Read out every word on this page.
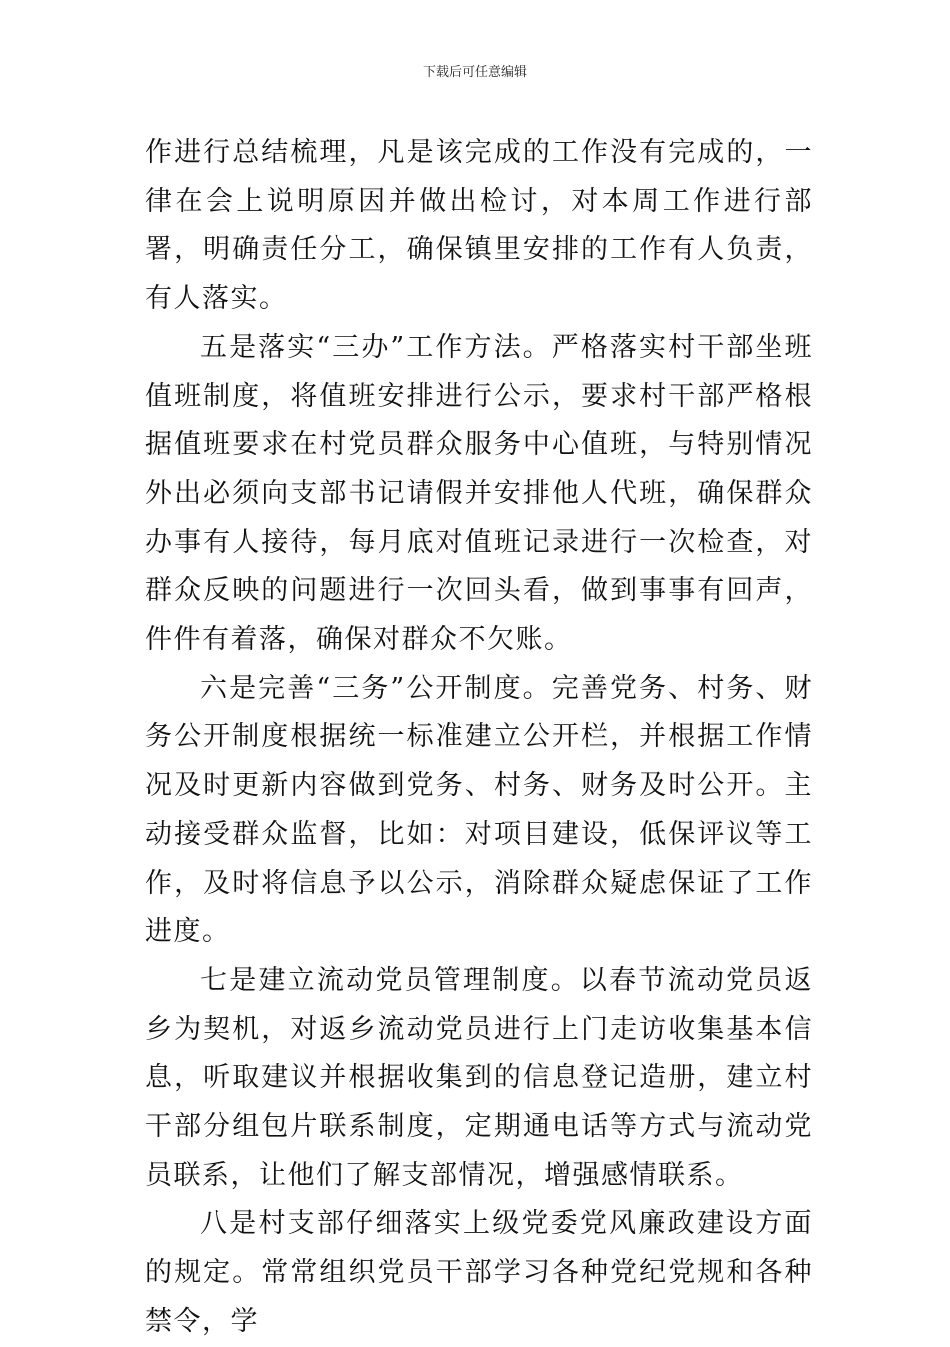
下载后可任意编辑

作进行总结梳理，凡是该完成的工作没有完成的，一律在会上说明原因并做出检讨，对本周工作进行部署，明确责任分工，确保镇里安排的工作有人负责，有人落实。

五是落实“三办”工作方法。严格落实村干部坐班值班制度，将值班安排进行公示，要求村干部严格根据值班要求在村党员群众服务中心值班，与特别情况外出必须向支部书记请假并安排他人代班，确保群众办事有人接待，每月底对值班记录进行一次检查，对群众反映的问题进行一次回头看，做到事事有回声，件件有着落，确保对群众不欠账。

六是完善“三务”公开制度。完善党务、村务、财务公开制度根据统一标准建立公开栏，并根据工作情况及时更新内容做到党务、村务、财务及时公开。主动接受群众监督，比如：对项目建设，低保评议等工作，及时将信息予以公示，消除群众疑虑保证了工作进度。

七是建立流动党员管理制度。以春节流动党员返乡为契机，对返乡流动党员进行上门走访收集基本信息，听取建议并根据收集到的信息登记造册，建立村干部分组包片联系制度，定期通电话等方式与流动党员联系，让他们了解支部情况，增强感情联系。

八是村支部仔细落实上级党委党风廉政建设方面的规定。常常组织党员干部学习各种党纪党规和各种禁令，学
